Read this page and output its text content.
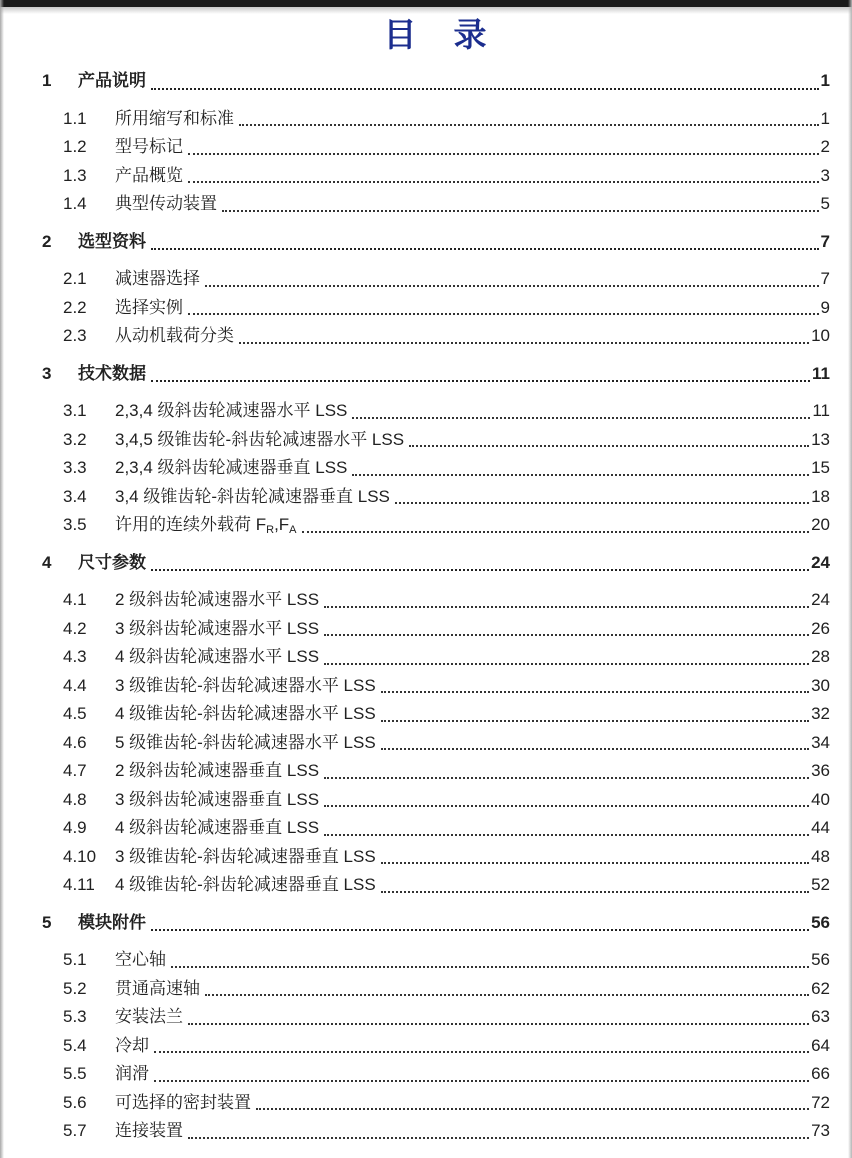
目　录
1	产品说明	1
1.1	所用缩写和标准	1
1.2	型号标记	2
1.3	产品概览	3
1.4	典型传动装置	5
2	选型资料	7
2.1	减速器选择	7
2.2	选择实例	9
2.3	从动机载荷分类	10
3	技术数据	11
3.1	2,3,4 级斜齿轮减速器水平 LSS	11
3.2	3,4,5 级锥齿轮-斜齿轮减速器水平 LSS	13
3.3	2,3,4 级斜齿轮减速器垂直 LSS	15
3.4	3,4 级锥齿轮-斜齿轮减速器垂直 LSS	18
3.5	许用的连续外载荷 $F_R,F_A$	20
4	尺寸参数	24
4.1	2 级斜齿轮减速器水平 LSS	24
4.2	3 级斜齿轮减速器水平 LSS	26
4.3	4 级斜齿轮减速器水平 LSS	28
4.4	3 级锥齿轮-斜齿轮减速器水平 LSS	30
4.5	4 级锥齿轮-斜齿轮减速器水平 LSS	32
4.6	5 级锥齿轮-斜齿轮减速器水平 LSS	34
4.7	2 级斜齿轮减速器垂直 LSS	36
4.8	3 级斜齿轮减速器垂直 LSS	40
4.9	4 级斜齿轮减速器垂直 LSS	44
4.10	3 级锥齿轮-斜齿轮减速器垂直 LSS	48
4.11	4 级锥齿轮-斜齿轮减速器垂直 LSS	52
5	模块附件	56
5.1	空心轴	56
5.2	贯通高速轴	62
5.3	安装法兰	63
5.4	冷却	64
5.5	润滑	66
5.6	可选择的密封装置	72
5.7	连接装置	73
